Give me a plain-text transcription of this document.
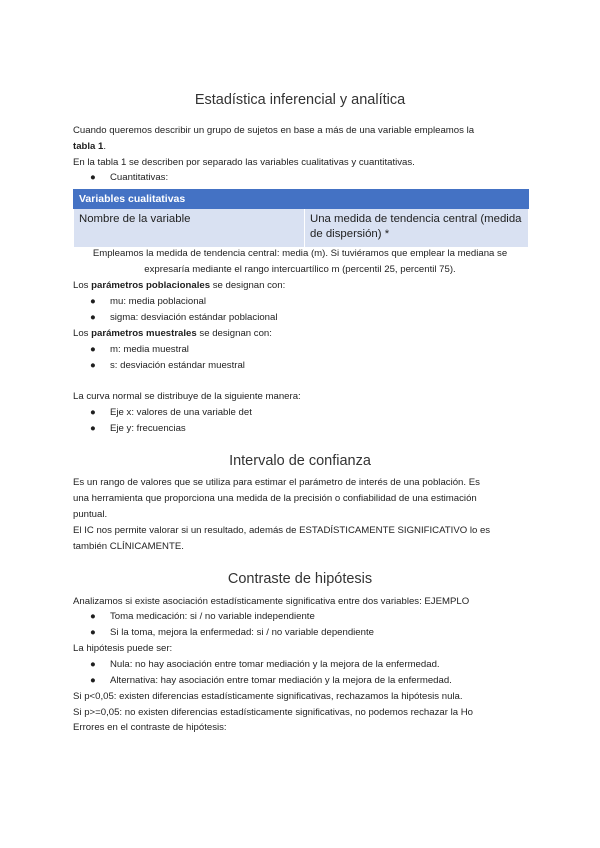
Estadística inferencial y analítica
Cuando queremos describir un grupo de sujetos en base a más de una variable empleamos la
tabla 1.
En la tabla 1 se describen por separado las variables cualitativas y cuantitativas.
● Cuantitativas:
Variables cualitativas	
Nombre de la variable	Una medida de tendencia central (medida de dispersión) *
Empleamos la medida de tendencia central: media (m). Si tuviéramos que emplear la mediana se
expresaría mediante el rango intercuartílico m (percentil 25, percentil 75).
Los parámetros poblacionales se designan con:
● mu: media poblacional
● sigma: desviación estándar poblacional
Los parámetros muestrales se designan con:
● m: media muestral
● s: desviación estándar muestral
La curva normal se distribuye de la siguiente manera:
● Eje x: valores de una variable det
● Eje y: frecuencias
Intervalo de confianza
Es un rango de valores que se utiliza para estimar el parámetro de interés de una población. Es
una herramienta que proporciona una medida de la precisión o confiabilidad de una estimación
puntual.
El IC nos permite valorar si un resultado, además de ESTADÍSTICAMENTE SIGNIFICATIVO lo es
también CLÍNICAMENTE.
Contraste de hipótesis
Analizamos si existe asociación estadísticamente significativa entre dos variables: EJEMPLO
● Toma medicación: si / no variable independiente
● Si la toma, mejora la enfermedad: si / no variable dependiente
La hipótesis puede ser:
● Nula: no hay asociación entre tomar mediación y la mejora de la enfermedad.
● Alternativa: hay asociación entre tomar mediación y la mejora de la enfermedad.
Si p<0,05: existen diferencias estadísticamente significativas, rechazamos la hipótesis nula.
Si p>=0,05: no existen diferencias estadísticamente significativas, no podemos rechazar la Ho
Errores en el contraste de hipótesis:
